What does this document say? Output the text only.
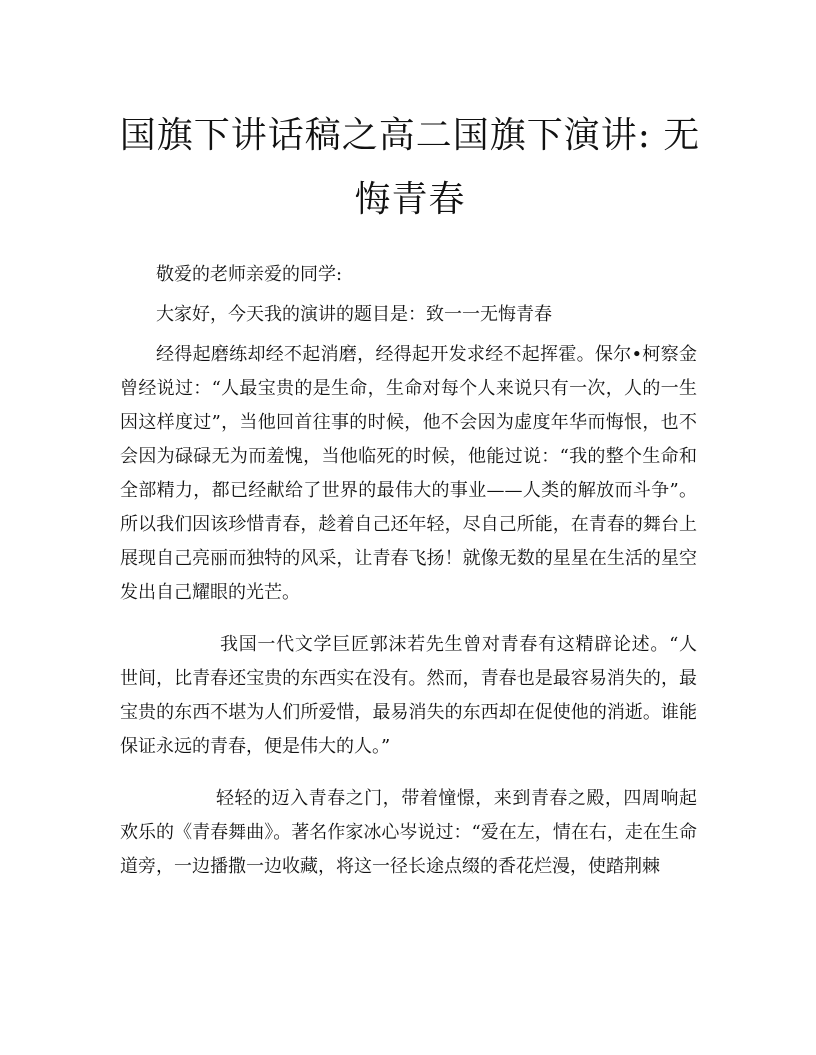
国旗下讲话稿之高二国旗下演讲: 无悔青春

敬爱的老师亲爱的同学:

大家好，今天我的演讲的题目是：致一一无悔青春

经得起磨练却经不起消磨，经得起开发求经不起挥霍。保尔•柯察金曾经说过：“人最宝贵的是生命，生命对每个人来说只有一次，人的一生因这样度过”，当他回首往事的时候，他不会因为虚度年华而悔恨，也不会因为碌碌无为而羞愧，当他临死的时候，他能过说：“我的整个生命和全部精力，都已经献给了世界的最伟大的事业——人类的解放而斗争”。所以我们因该珍惜青春，趁着自己还年轻，尽自己所能，在青春的舞台上展现自己亮丽而独特的风采，让青春飞扬！就像无数的星星在生活的星空发出自己耀眼的光芒。

我国一代文学巨匠郭沫若先生曾对青春有这精辟论述。“人世间，比青春还宝贵的东西实在没有。然而，青春也是最容易消失的，最宝贵的东西不堪为人们所爱惜，最易消失的东西却在促使他的消逝。谁能保证永远的青春，便是伟大的人。”

轻轻的迈入青春之门，带着憧憬，来到青春之殿，四周响起欢乐的《青春舞曲》。著名作家冰心岑说过：“爱在左，情在右，走在生命道旁，一边播撒一边收藏，将这一径长途点缀的香花烂漫，使踏荆棘
